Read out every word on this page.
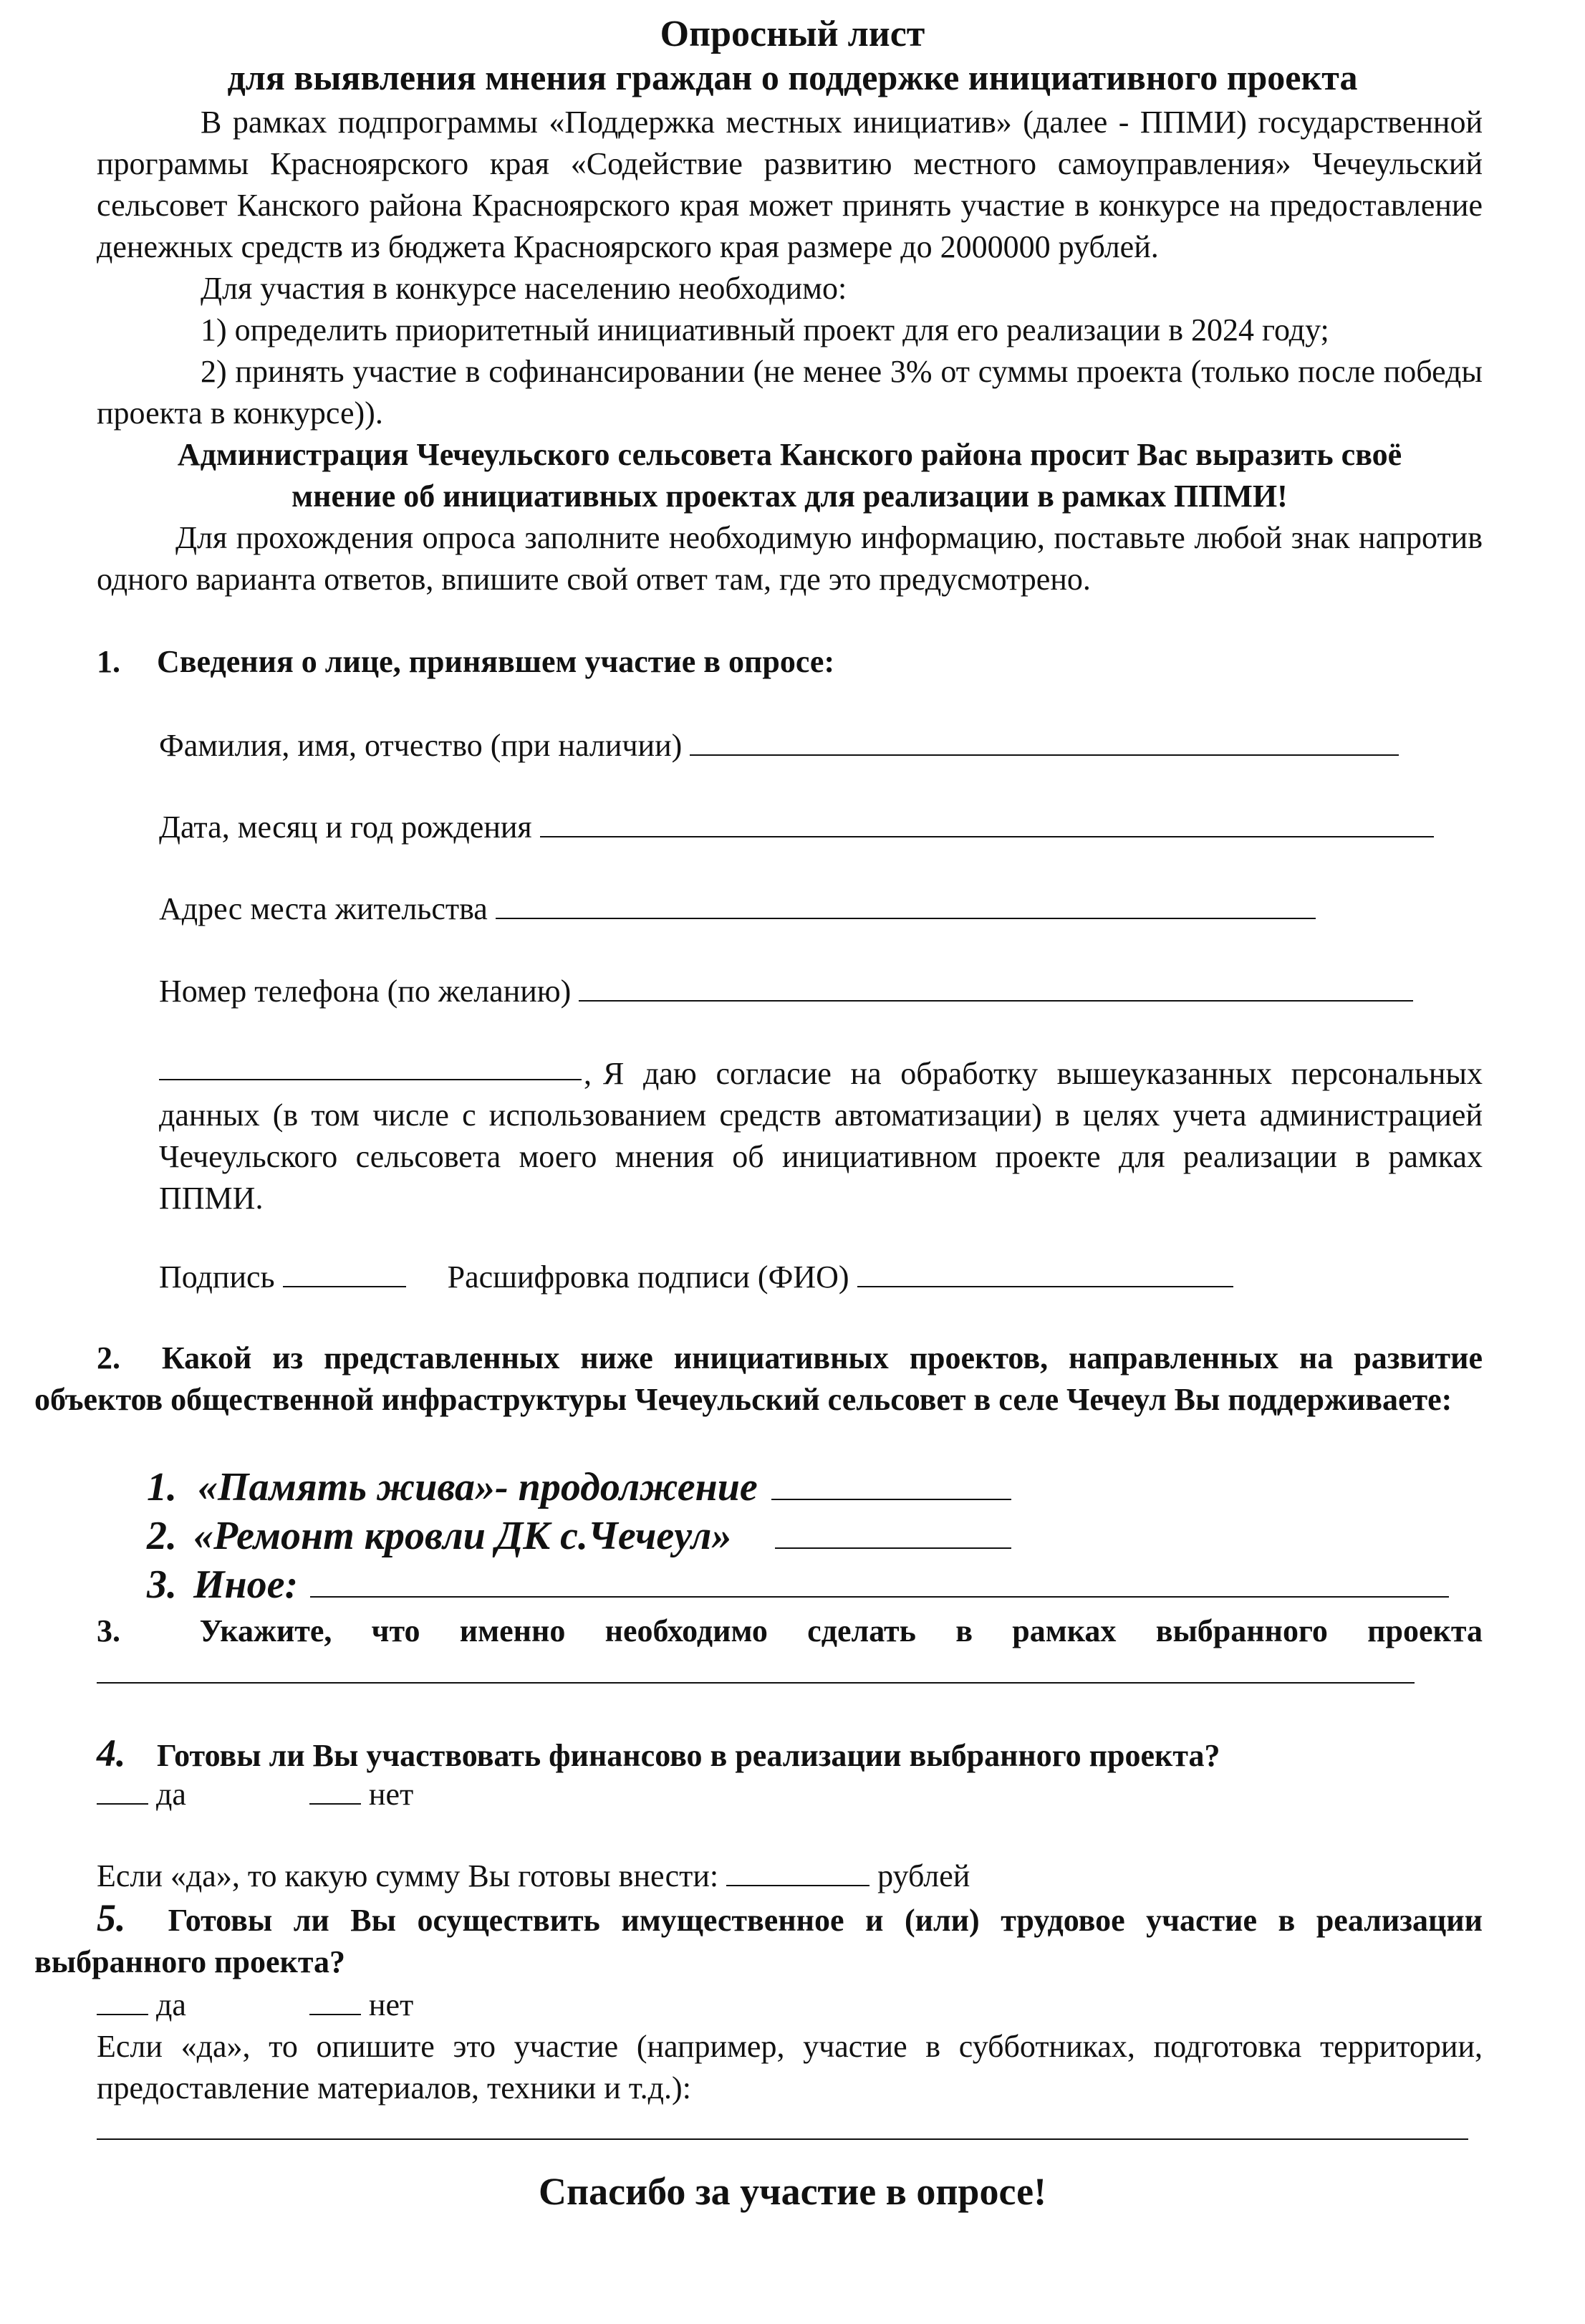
Опросный лист

для выявления мнения граждан о поддержке инициативного проекта

В рамках подпрограммы «Поддержка местных инициатив» (далее - ППМИ) государственной программы Красноярского края «Содействие развитию местного самоуправления» Чечеульский сельсовет Канского района Красноярского края может принять участие в конкурсе на предоставление денежных средств из бюджета Красноярского края размере до 2000000 рублей.

Для участия в конкурсе населению необходимо:

1) определить приоритетный инициативный проект для его реализации в 2024 году;

2) принять участие в софинансировании (не менее 3% от суммы проекта (только после победы проекта в конкурсе)).

Администрация Чечеульского сельсовета Канского района просит Вас выразить своё мнение об инициативных проектах для реализации в рамках ППМИ!

Для прохождения опроса заполните необходимую информацию, поставьте любой знак напротив одного варианта ответов, впишите свой ответ там, где это предусмотрено.

1. Сведения о лице, принявшем участие в опросе:
Фамилия, имя, отчество (при наличии)
Дата, месяц и год рождения
Адрес места жительства
Номер телефона (по желанию)
, Я даю согласие на обработку вышеуказанных персональных данных (в том числе с использованием средств автоматизации) в целях учета администрацией Чечеульского сельсовета моего мнения об инициативном проекте для реализации в рамках ППМИ.

Подпись	Расшифровка подписи (ФИО)

2. Какой из представленных ниже инициативных проектов, направленных на развитие объектов общественной инфраструктуры Чечеульский сельсовет в селе Чечеул Вы поддерживаете:

1. «Память жива»- продолжение
2. «Ремонт кровли ДК с.Чечеул»
3. Иное:

3.	Укажите, что именно необходимо сделать в рамках выбранного проекта

4. Готовы ли Вы участвовать финансово в реализации выбранного проекта?
да	нет
Если «да», то какую сумму Вы готовы внести:	рублей

5. Готовы ли Вы осуществить имущественное и (или) трудовое участие в реализации выбранного проекта?

да	нет

Если «да», то опишите это участие (например, участие в субботниках, подготовка территории, предоставление материалов, техники и т.д.):

Спасибо за участие в опросе!
